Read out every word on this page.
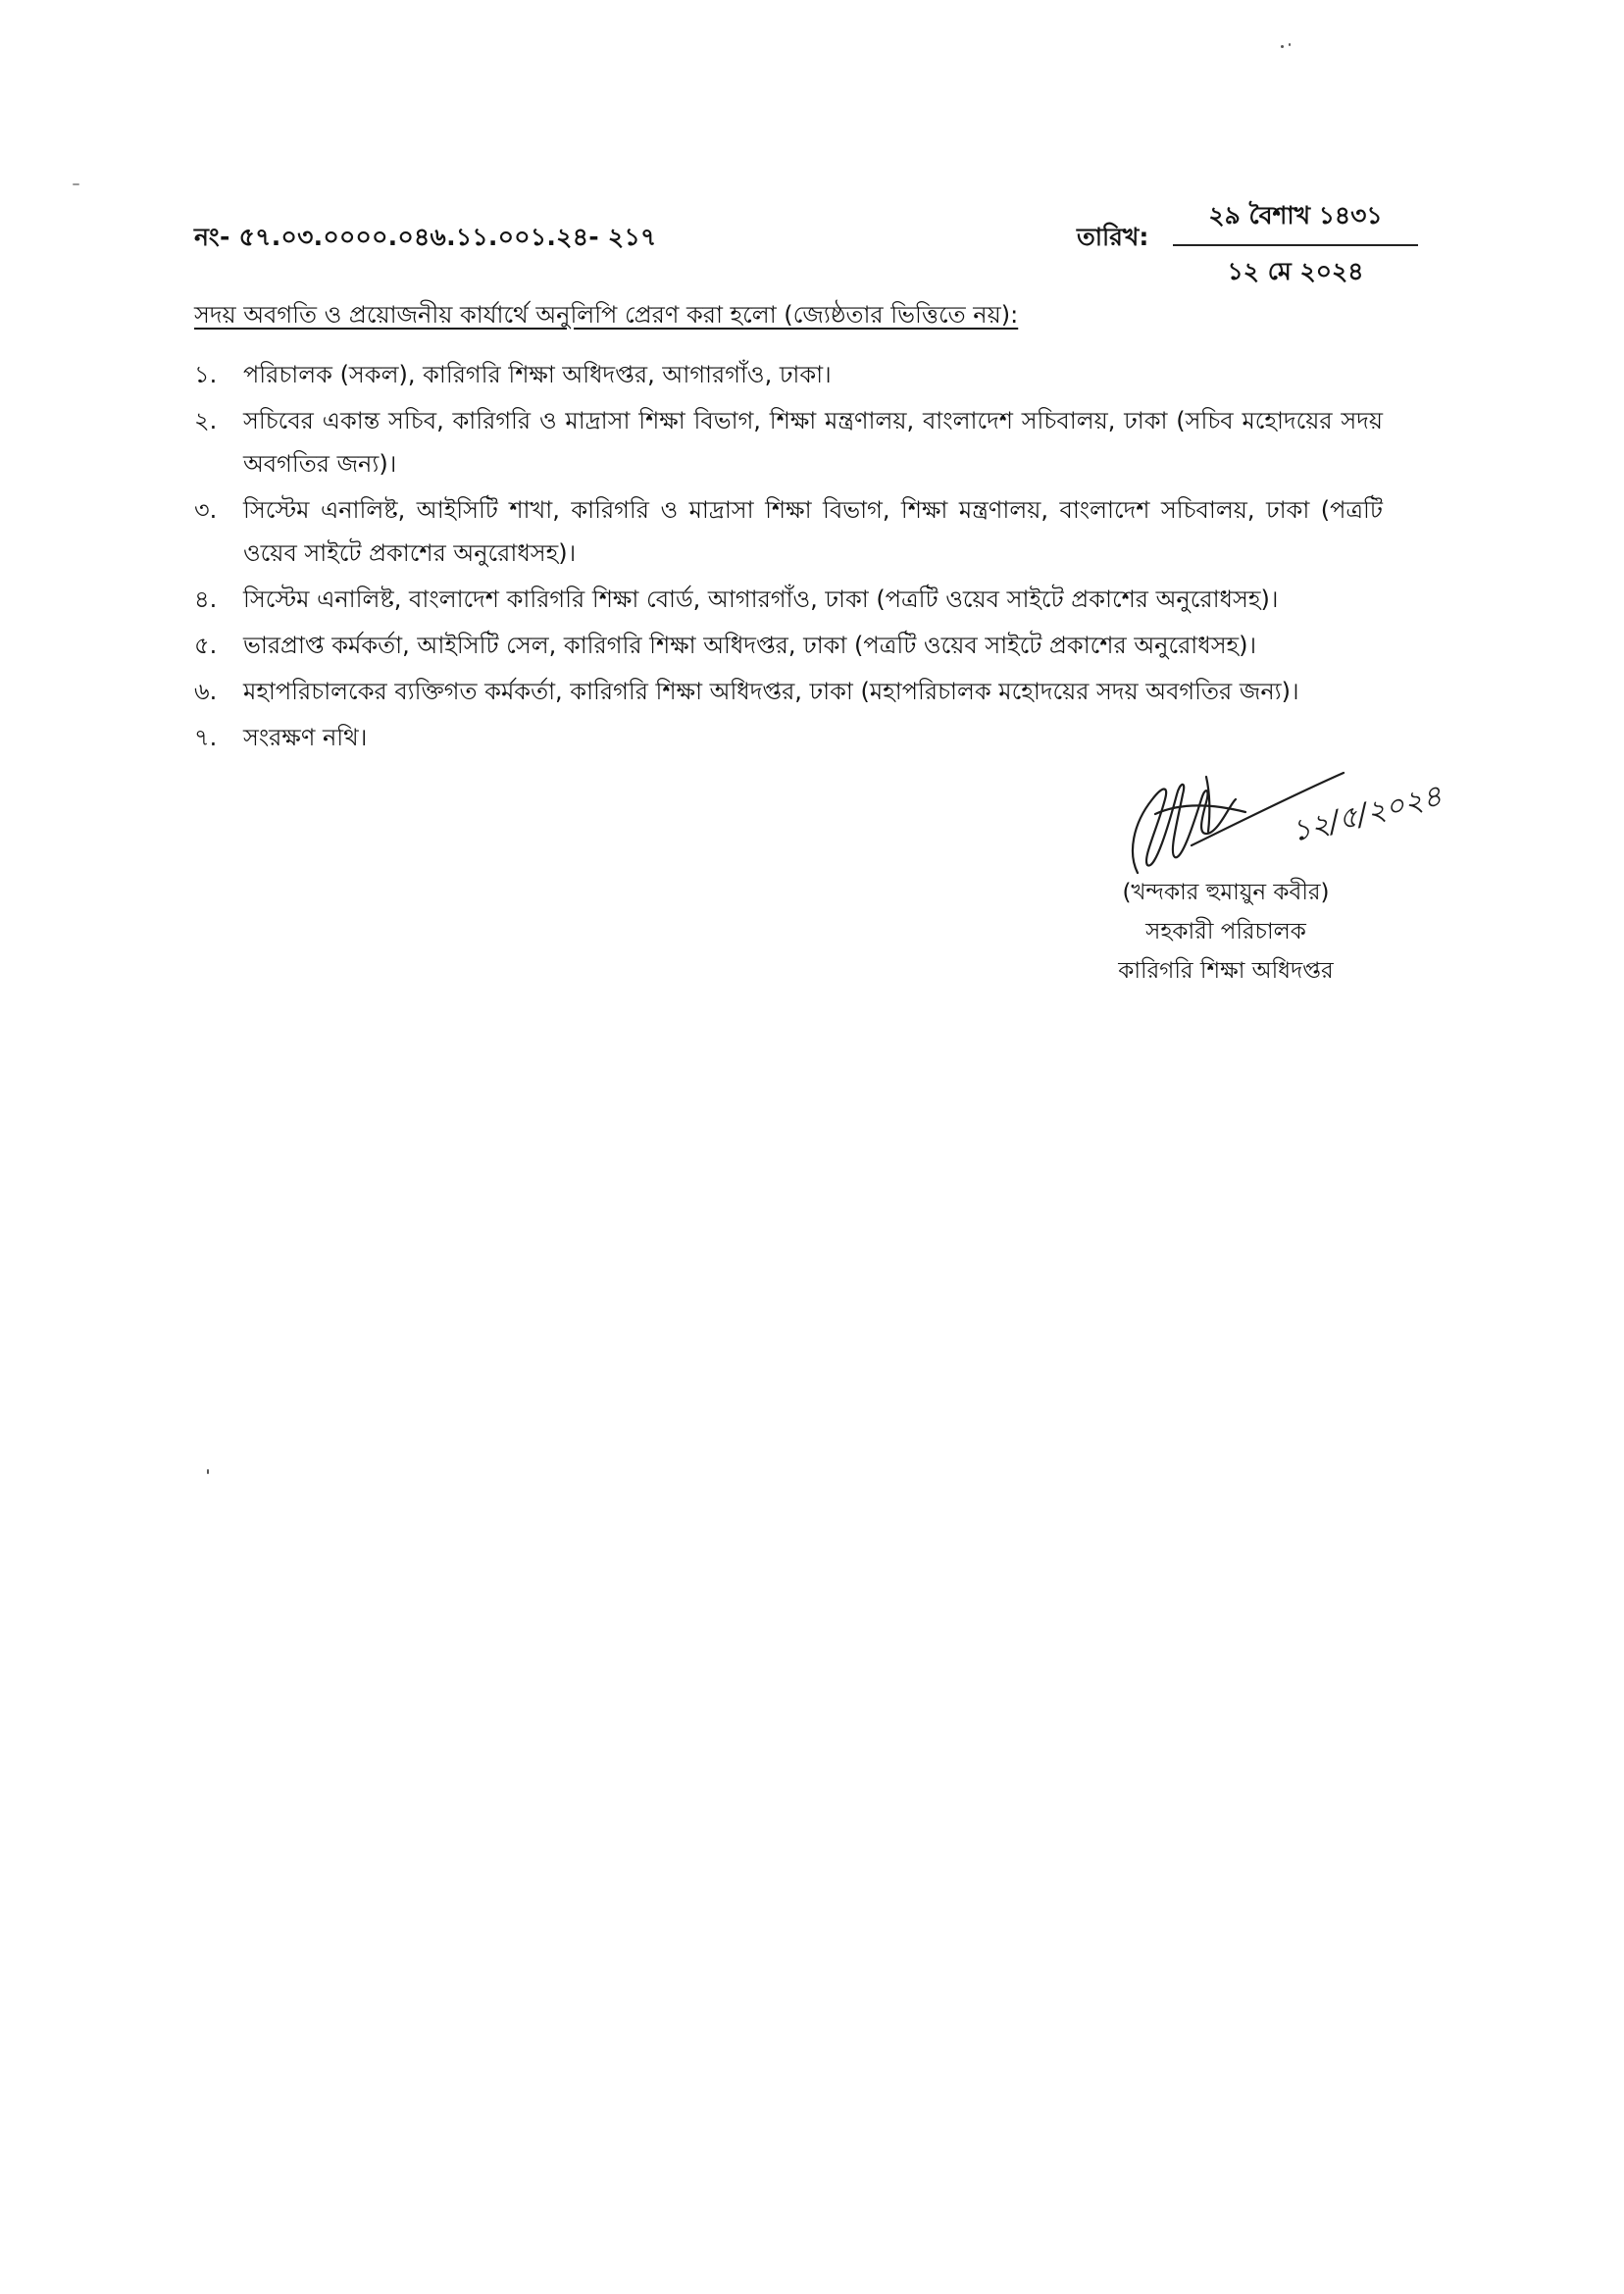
নং- ৫৭.০৩.০০০০.০৪৬.১১.০০১.২৪- ২১৭	তারিখ:
২৯ বৈশাখ ১৪৩১
১২ মে ২০২৪
সদয় অবগতি ও প্রয়োজনীয় কার্যার্থে অনুলিপি প্রেরণ করা হলো (জ্যেষ্ঠতার ভিত্তিতে নয়):
১.	পরিচালক (সকল), কারিগরি শিক্ষা অধিদপ্তর, আগারগাঁও, ঢাকা।
২.	সচিবের একান্ত সচিব, কারিগরি ও মাদ্রাসা শিক্ষা বিভাগ, শিক্ষা মন্ত্রণালয়, বাংলাদেশ সচিবালয়, ঢাকা (সচিব মহোদয়ের সদয় অবগতির জন্য)।
৩.	সিস্টেম এনালিষ্ট, আইসিটি শাখা, কারিগরি ও মাদ্রাসা শিক্ষা বিভাগ, শিক্ষা মন্ত্রণালয়, বাংলাদেশ সচিবালয়, ঢাকা (পত্রটি ওয়েব সাইটে প্রকাশের অনুরোধসহ)।
৪.	সিস্টেম এনালিষ্ট, বাংলাদেশ কারিগরি শিক্ষা বোর্ড, আগারগাঁও, ঢাকা (পত্রটি ওয়েব সাইটে প্রকাশের অনুরোধসহ)।
৫.	ভারপ্রাপ্ত কর্মকর্তা, আইসিটি সেল, কারিগরি শিক্ষা অধিদপ্তর, ঢাকা (পত্রটি ওয়েব সাইটে প্রকাশের অনুরোধসহ)।
৬.	মহাপরিচালকের ব্যক্তিগত কর্মকর্তা, কারিগরি শিক্ষা অধিদপ্তর, ঢাকা (মহাপরিচালক মহোদয়ের সদয় অবগতির জন্য)।
৭.	সংরক্ষণ নথি।
১২/৫/২০২৪
(খন্দকার হুমায়ুন কবীর)
সহকারী পরিচালক
কারিগরি শিক্ষা অধিদপ্তর
